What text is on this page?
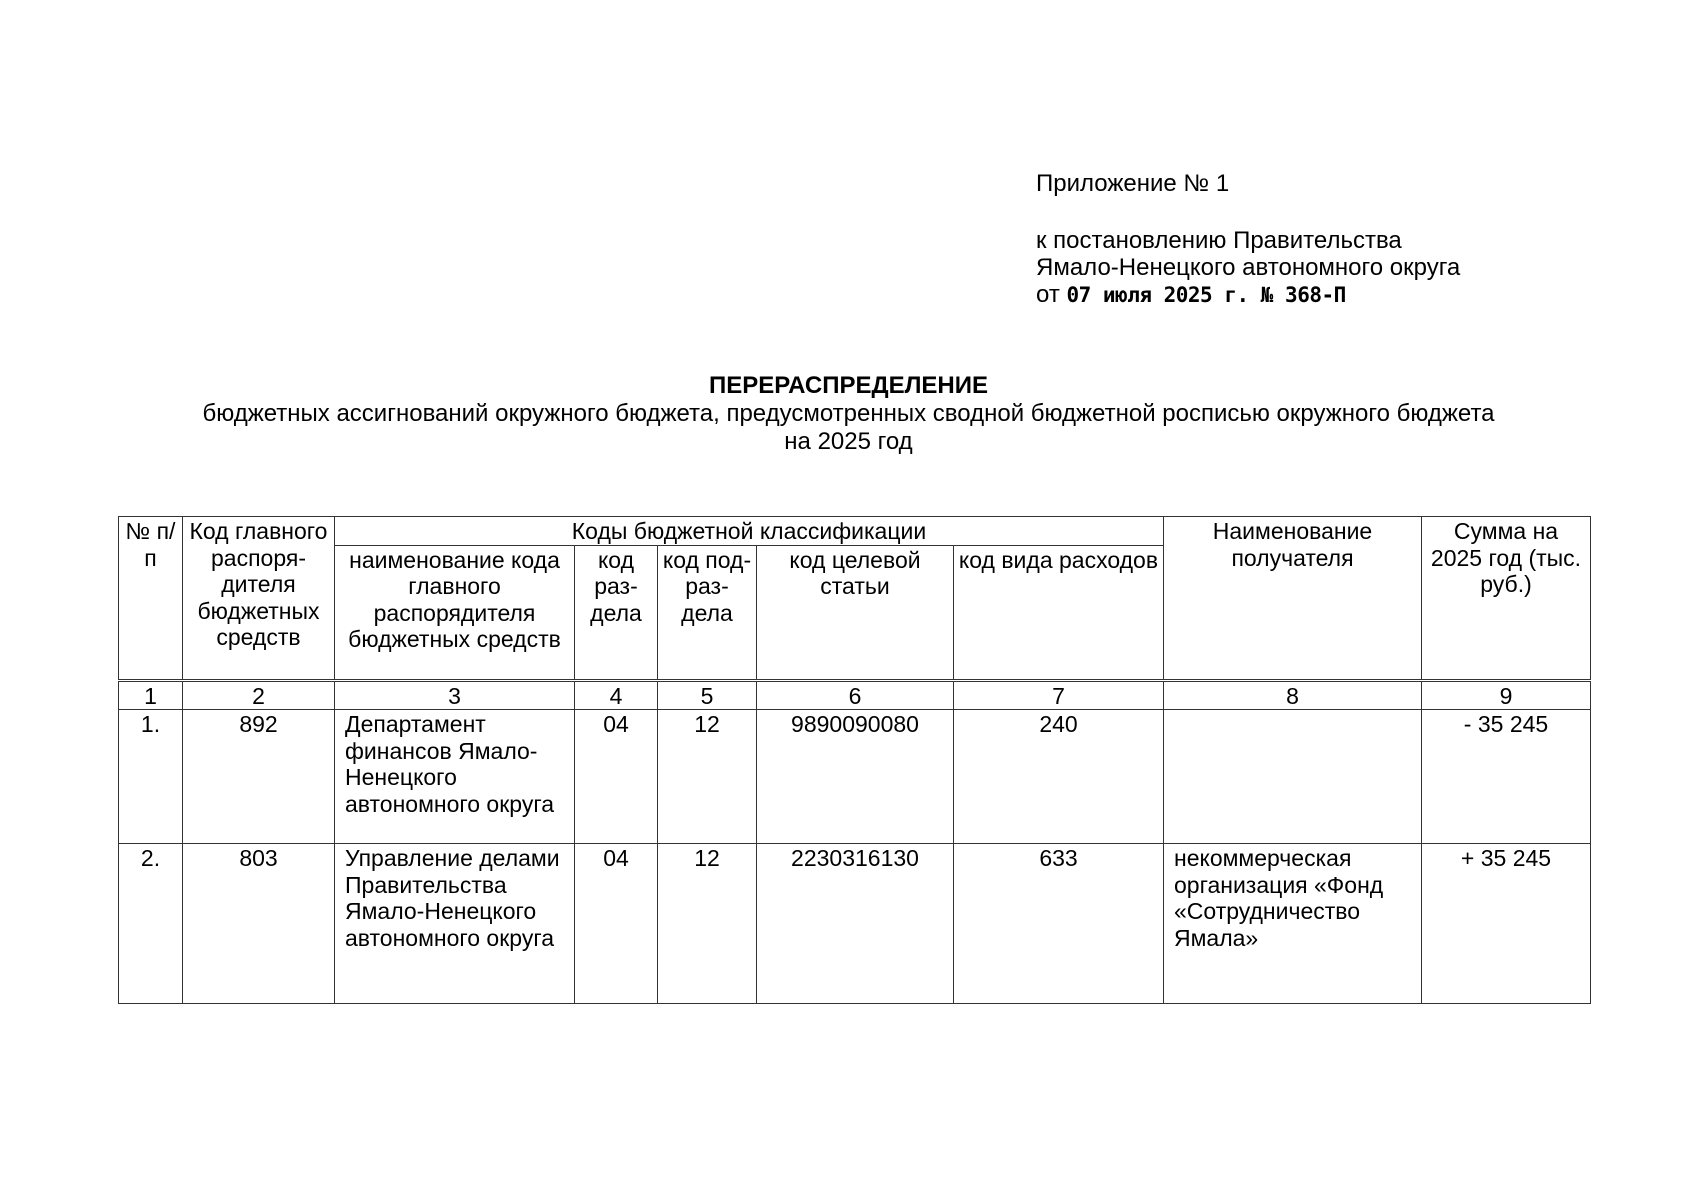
Приложение № 1
к постановлению Правительства
Ямало-Ненецкого автономного округа
от 07 июля 2025 г. № 368-П
ПЕРЕРАСПРЕДЕЛЕНИЕ
бюджетных ассигнований окружного бюджета, предусмотренных сводной бюджетной росписью окружного бюджета
на 2025 год
№ п/п	Код главного распоря- дителя бюджетных средств	Коды бюджетной классификации					Наименование получателя	Сумма на 2025 год (тыс. руб.)
		наименование кода главного распорядителя бюджетных средств	код раз- дела	код под- раз- дела	код целевой статьи	код вида расходов		
1	2	3	4	5	6	7	8	9
1.	892	Департамент финансов Ямало-Ненецкого автономного округа	04	12	9890090080	240		- 35 245
2.	803	Управление делами Правительства Ямало-Ненецкого автономного округа	04	12	2230316130	633	некоммерческая организация «Фонд «Сотрудничество Ямала»	+ 35 245
